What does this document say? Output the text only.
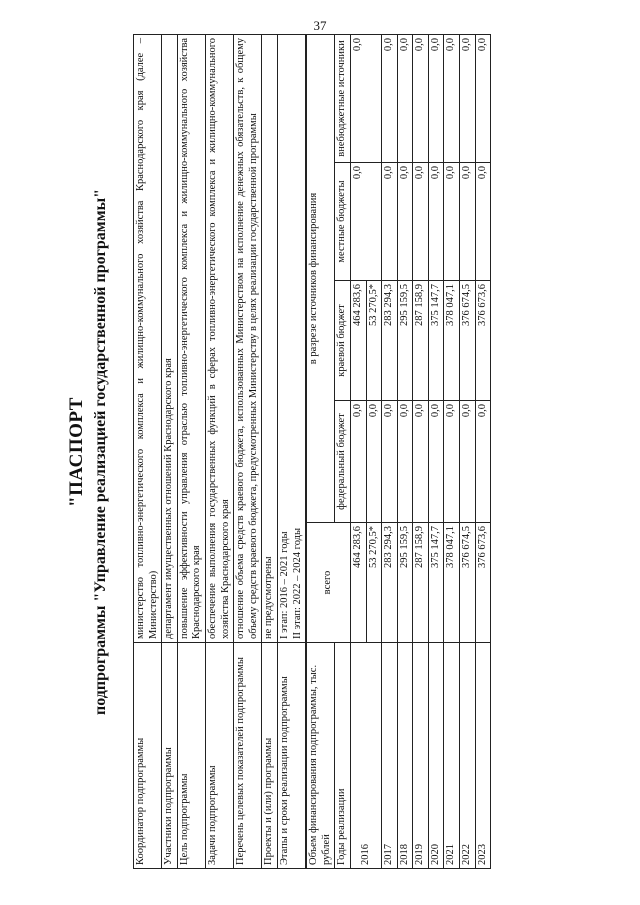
37
"ПАСПОРТ подпрограммы "Управление реализацией государственной программы"
Координатор подпрограммы	министерство топливно-энергетического комплекса и жилищно-коммунального хозяйства Краснодарского края (далее – Министерство)				
Участники подпрограммы	департамент имущественных отношений Краснодарского края				
Цель подпрограммы	повышение эффективности управления отраслью топливно-энергетического комплекса и жилищно-коммунального хозяйства Краснодарского края				
Задачи подпрограммы	обеспечение выполнения государственных функций в сферах топливно-энергетического комплекса и жилищно-коммунального хозяйства Краснодарского края				
Перечень целевых показателей подпрограммы	отношение объема средств краевого бюджета, использованных Министерством на исполнение денежных обязательств, к общему объему средств краевого бюджета, предусмотренных Министерству в целях реализации государственной программы				
Проекты и (или) программы	не предусмотрены				
Этапы и сроки реализации подпрограммы	I этап: 2016 – 2021 годы II этап: 2022 – 2024 годы				

Объем финансирования подпрограммы, тыс. рублей	всего	в разрезе источников финансирования			
Годы реализации		федеральный бюджет	краевой бюджет	местные бюджеты	внебюджетные источники
2016	464 283,6	0,0	464 283,6	0,0	0,0
	53 270,5*	0,0	53 270,5*		
2017	283 294,3	0,0	283 294,3	0,0	0,0
2018	295 159,5	0,0	295 159,5	0,0	0,0
2019	287 158,9	0,0	287 158,9	0,0	0,0
2020	375 147,7	0,0	375 147,7	0,0	0,0
2021	378 047,1	0,0	378 047,1	0,0	0,0
2022	376 674,5	0,0	376 674,5	0,0	0,0
2023	376 673,6	0,0	376 673,6	0,0	0,0
